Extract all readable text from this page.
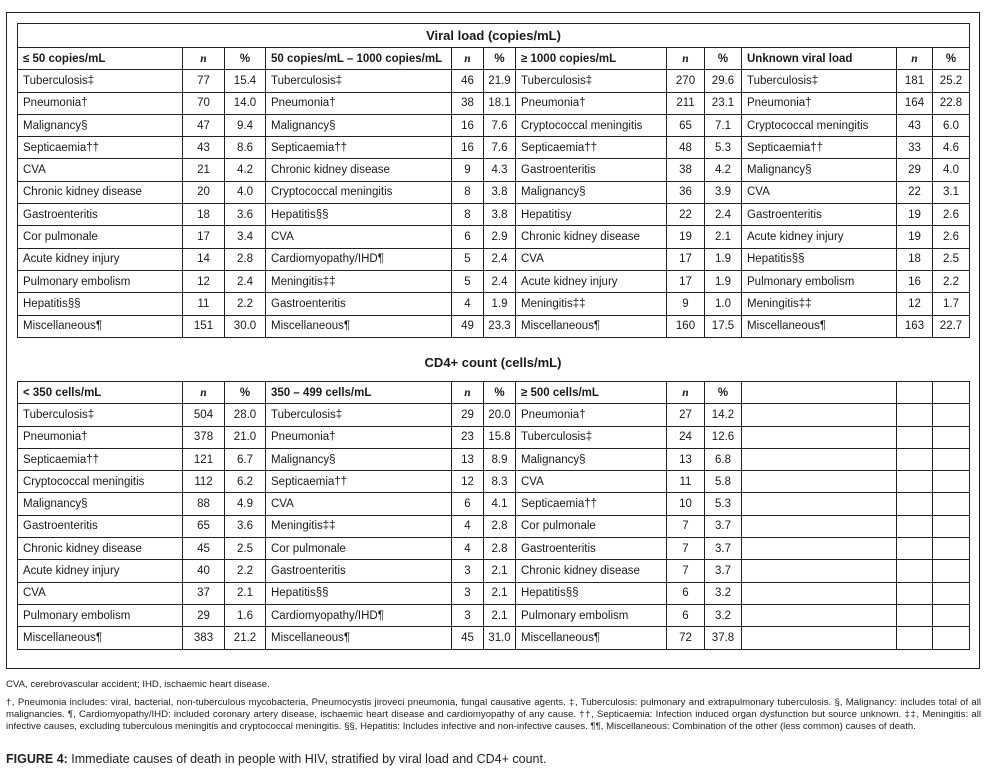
Viral load (copies/mL)											
≤ 50 copies/mL	n	%	50 copies/mL – 1000 copies/mL	n	%	≥ 1000 copies/mL	n	%	Unknown viral load	n	%
Tuberculosis‡	77	15.4	Tuberculosis‡	46	21.9	Tuberculosis‡	270	29.6	Tuberculosis‡	181	25.2
Pneumonia†	70	14.0	Pneumonia†	38	18.1	Pneumonia†	211	23.1	Pneumonia†	164	22.8
Malignancy§	47	9.4	Malignancy§	16	7.6	Cryptococcal meningitis	65	7.1	Cryptococcal meningitis	43	6.0
Septicaemia††	43	8.6	Septicaemia††	16	7.6	Septicaemia††	48	5.3	Septicaemia††	33	4.6
CVA	21	4.2	Chronic kidney disease	9	4.3	Gastroenteritis	38	4.2	Malignancy§	29	4.0
Chronic kidney disease	20	4.0	Cryptococcal meningitis	8	3.8	Malignancy§	36	3.9	CVA	22	3.1
Gastroenteritis	18	3.6	Hepatitis§§	8	3.8	Hepatitisy	22	2.4	Gastroenteritis	19	2.6
Cor pulmonale	17	3.4	CVA	6	2.9	Chronic kidney disease	19	2.1	Acute kidney injury	19	2.6
Acute kidney injury	14	2.8	Cardiomyopathy/IHD¶	5	2.4	CVA	17	1.9	Hepatitis§§	18	2.5
Pulmonary embolism	12	2.4	Meningitis‡‡	5	2.4	Acute kidney injury	17	1.9	Pulmonary embolism	16	2.2
Hepatitis§§	11	2.2	Gastroenteritis	4	1.9	Meningitis‡‡	9	1.0	Meningitis‡‡	12	1.7
Miscellaneous¶	151	30.0	Miscellaneous¶	49	23.3	Miscellaneous¶	160	17.5	Miscellaneous¶	163	22.7
CD4+ count (cells/mL)
< 350 cells/mL	n	%	350 – 499 cells/mL	n	%	≥ 500 cells/mL	n	%			
Tuberculosis‡	504	28.0	Tuberculosis‡	29	20.0	Pneumonia†	27	14.2			
Pneumonia†	378	21.0	Pneumonia†	23	15.8	Tuberculosis‡	24	12.6			
Septicaemia††	121	6.7	Malignancy§	13	8.9	Malignancy§	13	6.8			
Cryptococcal meningitis	112	6.2	Septicaemia††	12	8.3	CVA	11	5.8			
Malignancy§	88	4.9	CVA	6	4.1	Septicaemia††	10	5.3			
Gastroenteritis	65	3.6	Meningitis‡‡	4	2.8	Cor pulmonale	7	3.7			
Chronic kidney disease	45	2.5	Cor pulmonale	4	2.8	Gastroenteritis	7	3.7			
Acute kidney injury	40	2.2	Gastroenteritis	3	2.1	Chronic kidney disease	7	3.7			
CVA	37	2.1	Hepatitis§§	3	2.1	Hepatitis§§	6	3.2			
Pulmonary embolism	29	1.6	Cardiomyopathy/IHD¶	3	2.1	Pulmonary embolism	6	3.2			
Miscellaneous¶	383	21.2	Miscellaneous¶	45	31.0	Miscellaneous¶	72	37.8			
CVA, cerebrovascular accident; IHD, ischaemic heart disease.
†, Pneumonia includes: viral, bacterial, non-tuberculous mycobacteria, Pneumocystis jiroveci pneumonia, fungal causative agents. ‡, Tuberculosis: pulmonary and extrapulmonary tuberculosis. §, Malignancy: includes total of all malignancies. ¶, Cardiomyopathy/IHD: included coronary artery disease, ischaemic heart disease and cardiomyopathy of any cause. ††, Septicaemia: Infection induced organ dysfunction but source unknown. ‡‡, Meningitis: all infective causes, excluding tuberculous meningitis and cryptococcal meningitis. §§, Hepatitis: Includes infective and non-infective causes. ¶¶, Miscellaneous: Combination of the other (less common) causes of death.
FIGURE 4: Immediate causes of death in people with HIV, stratified by viral load and CD4+ count.
